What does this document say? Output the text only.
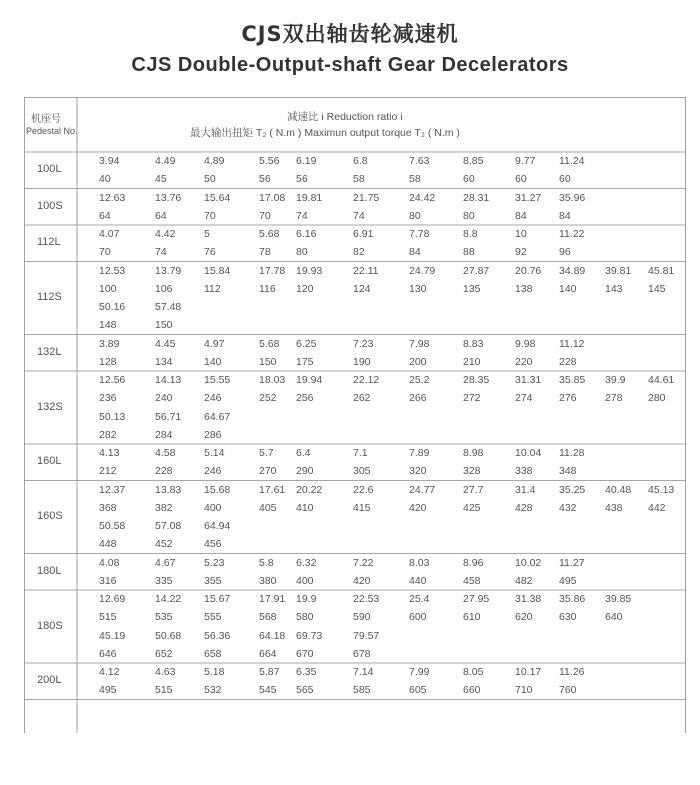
CJS双出轴齿轮减速机
CJS Double-Output-shaft Gear Decelerators
机座号
Pedestal No.
减速比 i Reduction ratio i
最大输出扭矩 T₂ ( N.m ) Maximun output torque T₂ ( N.m )
100L
3.94	4.49	4.89	5.56 6.19	6.8	7.63	8.85	9.77 11.24
40	45	50	56 56	58	58	60	60	60
100S
12.63	13.76 15.64	17.08 19.81	21.75	24.42	28.31 31.27 35.96
64	64	70	70 74	74	80	80	84	84
112L
4.07	4.42	5	5.68 6.16	6.91	7.78	8.8	10	11.22
70	74	76	78 80	82	84	88	92	96
112S
12.53	13.79 15.84	17.78 19.93	22.11	24.79	27.87 20.76 34.89 39.81 45.81
100	106	112	116 120	124	130	135	138	140	143 145
50.16	57.48
148	150
132L
3.89	4.45	4.97	5.68 6.25	7.23	7.98	8.83	9.98 11.12
128	134	140	150 175	190	200	210	220	228
132S
12.56	14.13 15.55	18.03 19.94	22.12	25.2	28.35 31.31 35.85 39.9 44.61
236	240	246	252 256	262	266	272	274	276	278 280
50.13	56.71 64.67
282	284	286
160L
4.13	4.58	5.14	5.7 6.4	7.1	7.89	8.98	10.04 11.28
212	228	246	270 290	305	320	328	338	348
160S
12.37	13.83 15.68	17.61 20.22	22.6	24.77	27.7	31.4 35.25 40.48 45.13
368	382	400	405 410	415	420	425	428	432	438 442
50.58	57.08 64.94
448	452	456
180L
4.08	4.67	5.23	5.8 6.32	7.22	8.03	8.96	10.02 11.27
316	335	355	380 400	420	440	458	482	495
180S
12.69	14.22 15.67	17.91 19.9	22.53	25.4	27.95 31.38 35.86 39.85
515	535	555	568 580	590	600	610	620	630	640
45.19	50.68 56.36	64.18 69.73	79.57
646	652	658	664 670	678
200L
4.12	4.63	5.18	5.87 6.35	7.14	7.99	8.05	10.17 11.26
495	515	532	545 565	585	605	660	710	760
